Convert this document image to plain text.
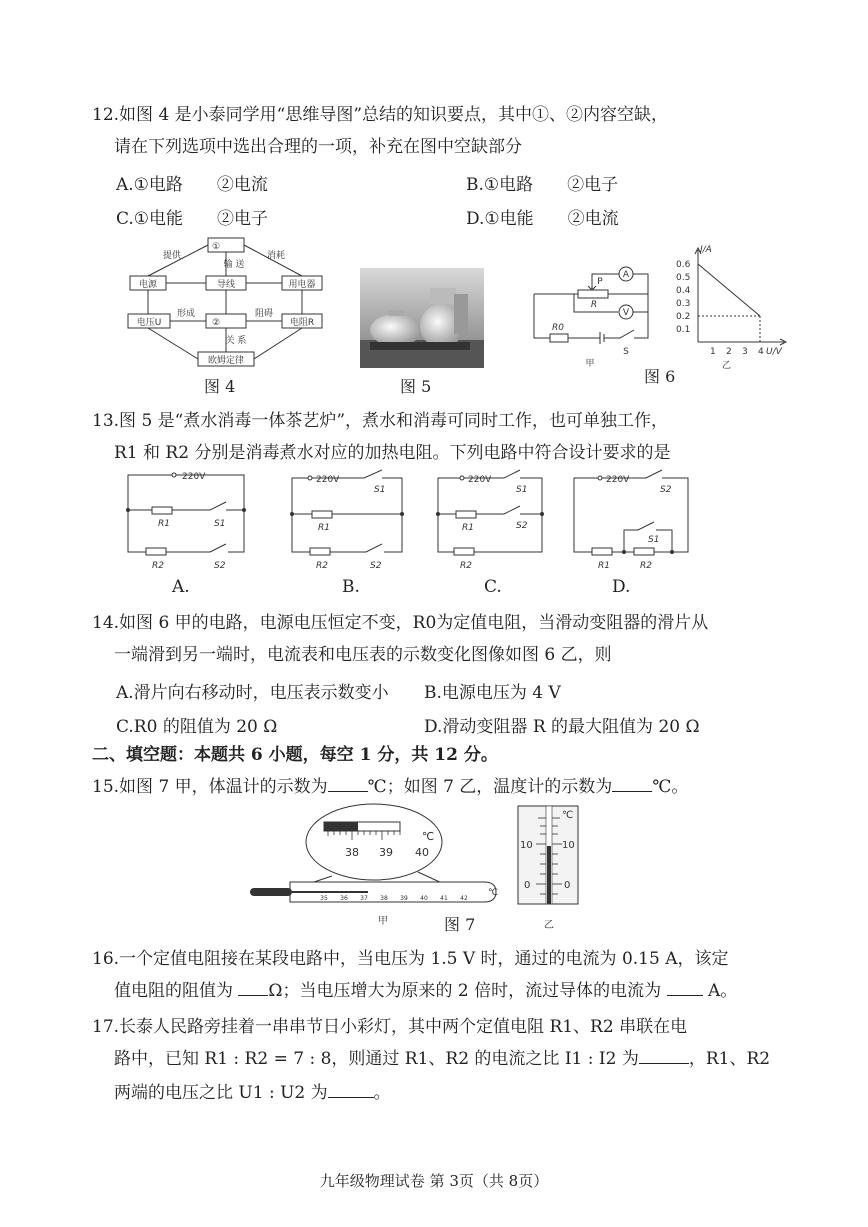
12.如图 4 是小泰同学用“思维导图”总结的知识要点，其中①、②内容空缺，
请在下列选项中选出合理的一项，补充在图中空缺部分
A.①电路　　②电流	B.①电路　　②电子
C.①电能　　②电子	D.①电能　　②电流
①
提供	消耗
输 送
电源	导线	用电器
电压U
形成
②
阻碍
电阻R
关 系
欧姆定律
图 4	图 5
A
V
P
R
R0
S
甲
图 6
I/A
U/V
0.6
0.5
0.4
0.3
0.2
0.1
1 2 3 4
乙
13.图 5 是“煮水消毒一体茶艺炉”，煮水和消毒可同时工作，也可单独工作，
R1 和 R2 分别是消毒煮水对应的加热电阻。下列电路中符合设计要求的是
220V
R1	S1
R2	S2
A.
220V
S1
R1
R2	S2
B.
220V
S1
R1	S2
R2
C.
220V
S2
S1
R1	R2
D.
14.如图 6 甲的电路，电源电压恒定不变，R0为定值电阻，当滑动变阻器的滑片从
一端滑到另一端时，电流表和电压表的示数变化图像如图 6 乙，则
A.滑片向右移动时，电压表示数变小 B.电源电压为 4 V
C.R0 的阻值为 20 Ω	D.滑动变阻器 R 的最大阻值为 20 Ω
二、填空题：本题共 6 小题，每空 1 分，共 12 分。
15.如图 7 甲，体温计的示数为 ℃；如图 7 乙，温度计的示数为 ℃。
38 39 40
℃
35 36 37 38 39 40 41 42
℃
甲	图 7
℃
10	10
0	0
乙
16.一个定值电阻接在某段电路中，当电压为 1.5 V 时，通过的电流为 0.15 A，该定
值电阻的阻值为 Ω；当电压增大为原来的 2 倍时，流过导体的电流为	A。
17.长泰人民路旁挂着一串串节日小彩灯，其中两个定值电阻 R1、R2 串联在电
路中，已知 R1 : R2 = 7 : 8，则通过 R1、R2 的电流之比 I1 : I2 为	，R1、R2
两端的电压之比 U1 : U2 为	。
九年级物理试卷 第 3页（共 8页）
